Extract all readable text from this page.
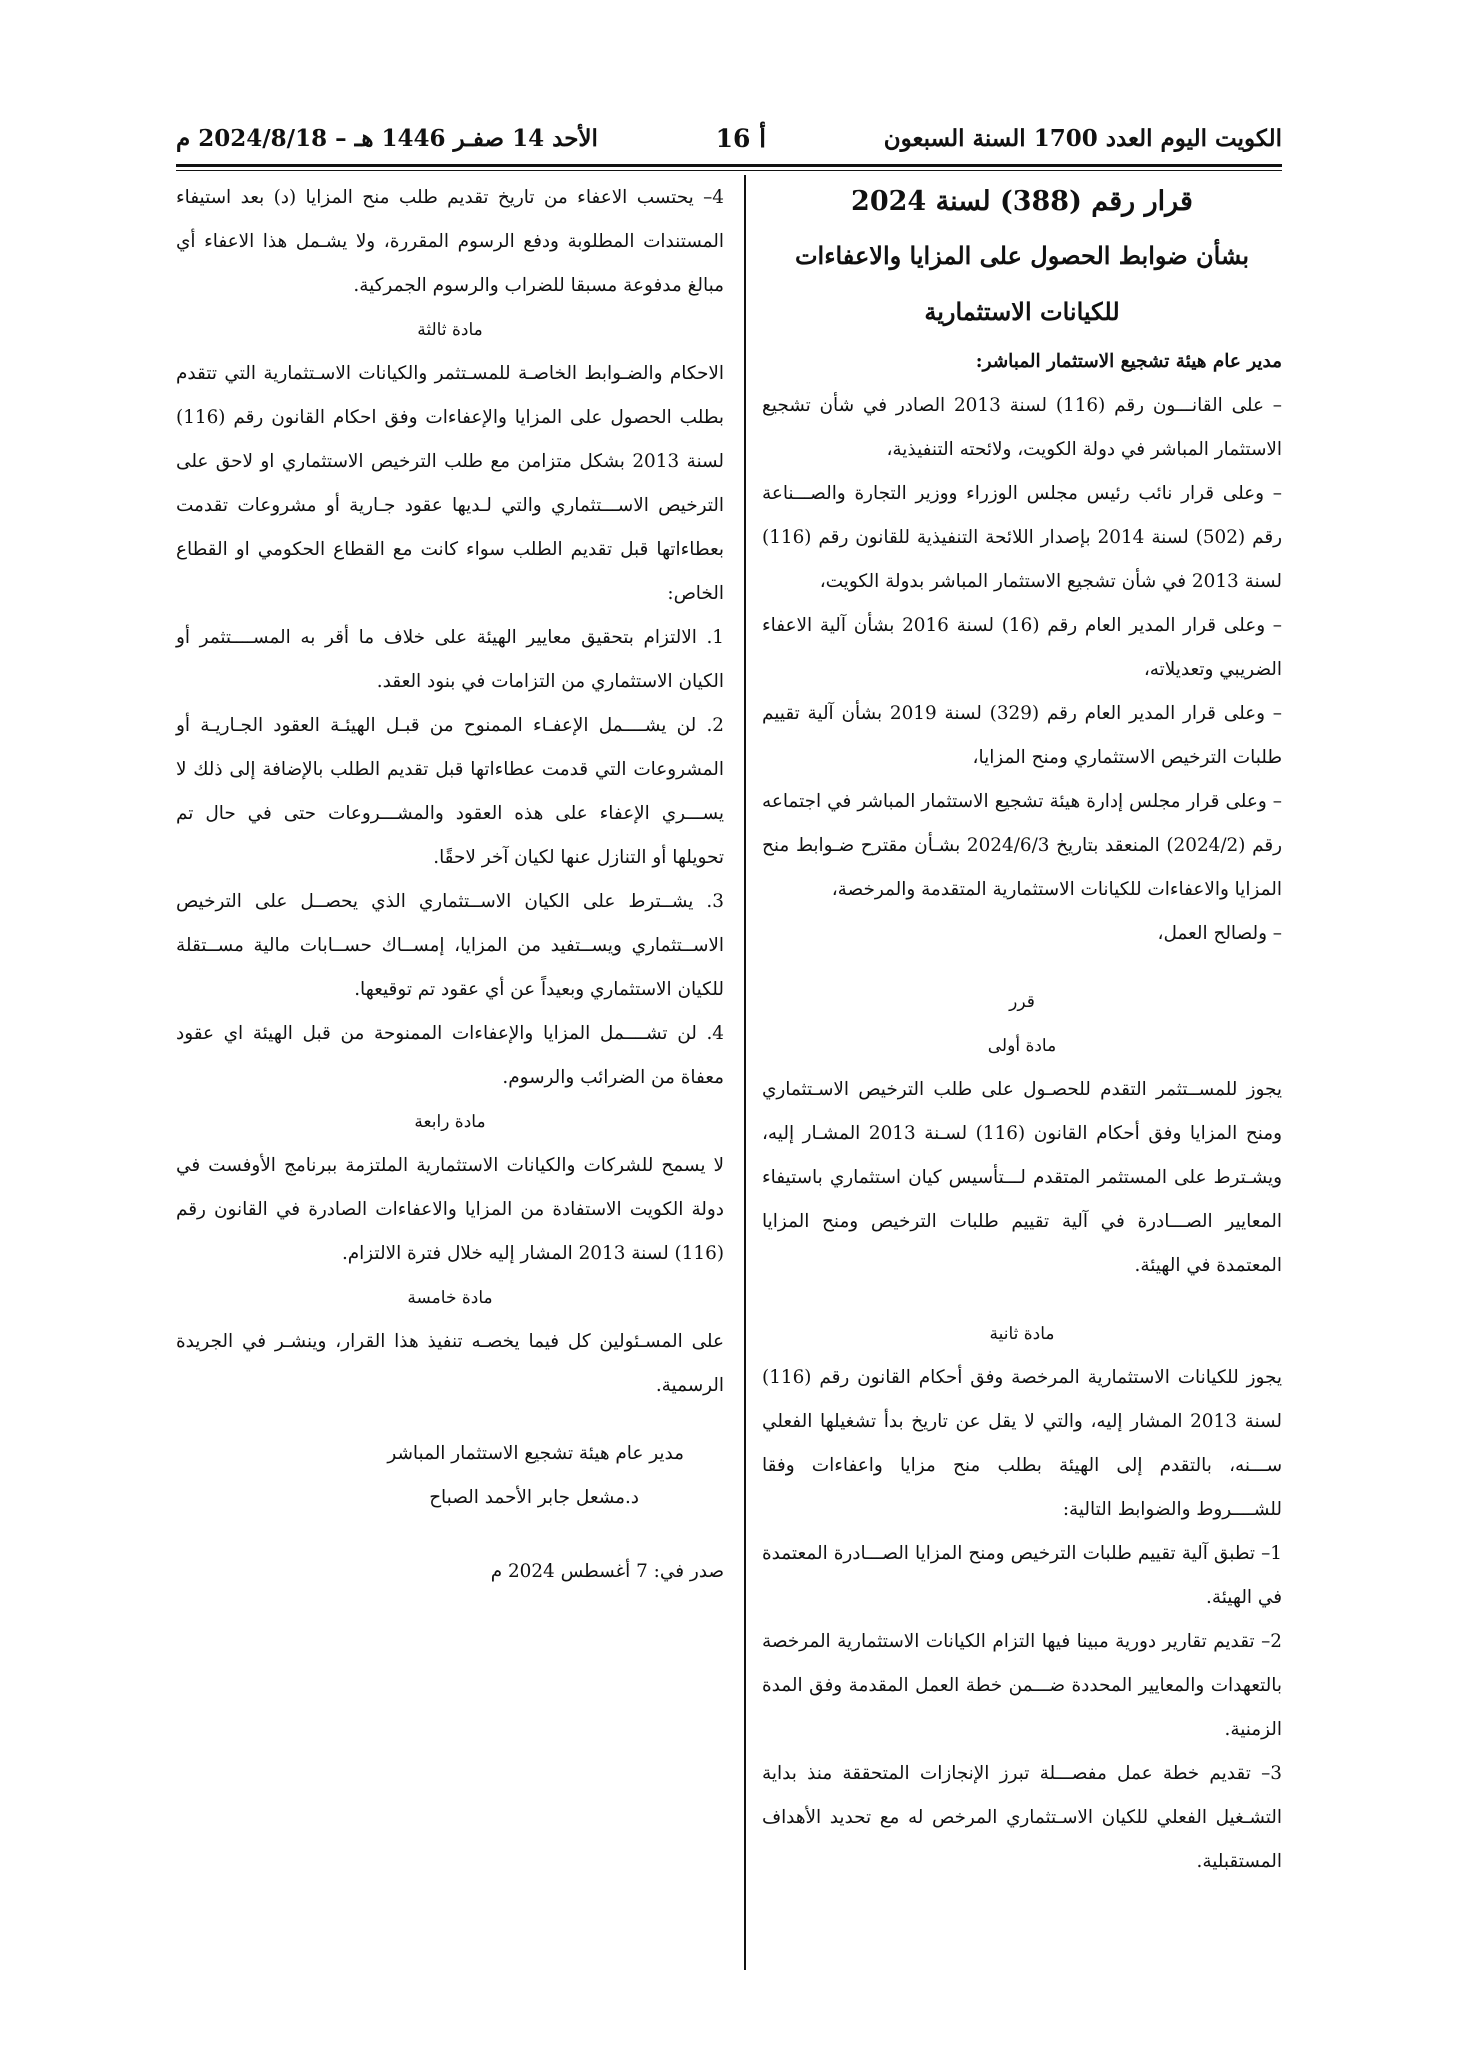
الكويت اليوم العدد 1700 السنة السبعون
أ 16
الأحد 14 صفـر 1446 هـ – 2024/8/18 م

قرار رقم (388) لسنة 2024

بشأن ضوابط الحصول على المزايا والاعفاءات

للكيانات الاستثمارية

مدير عام هيئة تشجيع الاستثمار المباشر:

– على القانـــون رقم (116) لسنة 2013 الصادر في شأن تشجيع الاستثمار المباشر في دولة الكويت، ولائحته التنفيذية،

– وعلى قرار نائب رئيس مجلس الوزراء ووزير التجارة والصـــناعة رقم (502) لسنة 2014 بإصدار اللائحة التنفيذية للقانون رقم (116) لسنة 2013 في شأن تشجيع الاستثمار المباشر بدولة الكويت،

– وعلى قرار المدير العام رقم (16) لسنة 2016 بشأن آلية الاعفاء الضريبي وتعديلاته،

– وعلى قرار المدير العام رقم (329) لسنة 2019 بشأن آلية تقييم طلبات الترخيص الاستثماري ومنح المزايا،

– وعلى قرار مجلس إدارة هيئة تشجيع الاستثمار المباشر في اجتماعه رقم (2024/2) المنعقد بتاريخ 2024/6/3 بشـأن مقترح ضـوابط منح المزايا والاعفاءات للكيانات الاستثمارية المتقدمة والمرخصة،

– ولصالح العمل،

قرر

مادة أولى

يجوز للمســتثمر التقدم للحصـول على طلب الترخيص الاسـتثماري ومنح المزايا وفق أحكام القانون (116) لسـنة 2013 المشـار إليه، ويشـترط على المستثمر المتقدم لـــتأسيس كيان استثماري باستيفاء المعايير الصـــادرة في آلية تقييم طلبات الترخيص ومنح المزايا المعتمدة في الهيئة.

مادة ثانية

يجوز للكيانات الاستثمارية المرخصة وفق أحكام القانون رقم (116) لسنة 2013 المشار إليه، والتي لا يقل عن تاريخ بدأ تشغيلها الفعلي ســـنه، بالتقدم إلى الهيئة بطلب منح مزايا واعفاءات وفقا للشــــروط والضوابط التالية:

1– تطبق آلية تقييم طلبات الترخيص ومنح المزايا الصـــادرة المعتمدة في الهيئة.

2– تقديم تقارير دورية مبينا فيها التزام الكيانات الاستثمارية المرخصة بالتعهدات والمعايير المحددة ضـــمن خطة العمل المقدمة وفق المدة الزمنية.

3– تقديم خطة عمل مفصـــلة تبرز الإنجازات المتحققة منذ بداية التشـغيل الفعلي للكيان الاسـتثماري المرخص له مع تحديد الأهداف المستقبلية.

4– يحتسب الاعفاء من تاريخ تقديم طلب منح المزايا (د) بعد استيفاء المستندات المطلوبة ودفع الرسوم المقررة، ولا يشـمل هذا الاعفاء أي مبالغ مدفوعة مسبقا للضراب والرسوم الجمركية.

مادة ثالثة

الاحكام والضـوابط الخاصـة للمسـتثمر والكيانات الاسـتثمارية التي تتقدم بطلب الحصول على المزايا والإعفاءات وفق احكام القانون رقم (116) لسنة 2013 بشكل متزامن مع طلب الترخيص الاستثماري او لاحق على الترخيص الاســـتثماري والتي لـديها عقود جـارية أو مشروعات تقدمت بعطاءاتها قبل تقديم الطلب سواء كانت مع القطاع الحكومي او القطاع الخاص:

1. الالتزام بتحقيق معايير الهيئة على خلاف ما أقر به المســــتثمر أو الكيان الاستثماري من التزامات في بنود العقد.

2. لن يشــــمل الإعفـاء الممنوح من قبـل الهيئـة العقود الجـاريـة أو المشروعات التي قدمت عطاءاتها قبل تقديم الطلب بالإضافة إلى ذلك لا يســـري الإعفاء على هذه العقود والمشـــروعات حتى في حال تم تحويلها أو التنازل عنها لكيان آخر لاحقًا.

3. يشــترط على الكيان الاســتثماري الذي يحصــل على الترخيص الاســتثماري ويســتفيد من المزايا، إمســاك حســابات مالية مســتقلة للكيان الاستثماري وبعيداً عن أي عقود تم توقيعها.

4. لن تشــــمل المزايا والإعفاءات الممنوحة من قبل الهيئة اي عقود معفاة من الضرائب والرسوم.

مادة رابعة

لا يسمح للشركات والكيانات الاستثمارية الملتزمة ببرنامج الأوفست في دولة الكويت الاستفادة من المزايا والاعفاءات الصادرة في القانون رقم (116) لسنة 2013 المشار إليه خلال فترة الالتزام.

مادة خامسة

على المسـئولين كل فيما يخصـه تنفيذ هذا القرار، وينشـر في الجريدة الرسمية.

مدير عام هيئة تشجيع الاستثمار المباشر

د.مشعل جابر الأحمد الصباح

صدر في: 7 أغسطس 2024 م
